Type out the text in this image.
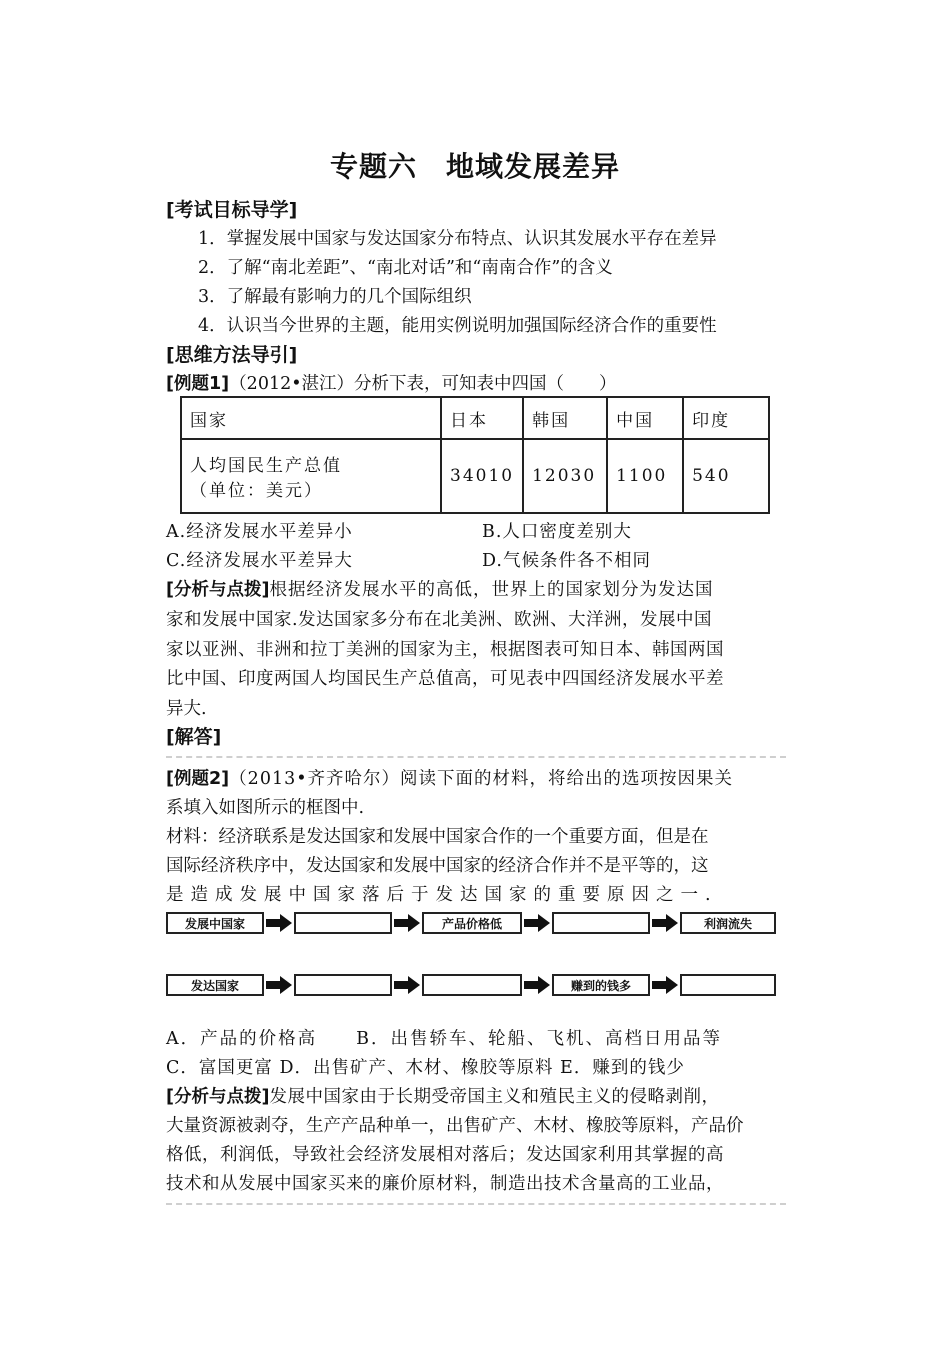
专题六　地域发展差异
[考试目标导学]
1．掌握发展中国家与发达国家分布特点、认识其发展水平存在差异
2．了解“南北差距”、“南北对话”和“南南合作”的含义
3．了解最有影响力的几个国际组织
4．认识当今世界的主题，能用实例说明加强国际经济合作的重要性
[思维方法导引]
[例题1]（2012•湛江）分析下表，可知表中四国（　　）
国家	日本	韩国	中国	印度

人均国民生产总值
（单位：美元）	34010	12030	1100	540
A.经济发展水平差异小	B.人口密度差别大
C.经济发展水平差异大	D.气候条件各不相同
[分析与点拨]根据经济发展水平的高低，世界上的国家划分为发达国
家和发展中国家.发达国家多分布在北美洲、欧洲、大洋洲，发展中国
家以亚洲、非洲和拉丁美洲的国家为主，根据图表可知日本、韩国两国
比中国、印度两国人均国民生产总值高，可见表中四国经济发展水平差
异大.
[解答]
[例题2]（2013•齐齐哈尔）阅读下面的材料，将给出的选项按因果关
系填入如图所示的框图中.
材料：经济联系是发达国家和发展中国家合作的一个重要方面，但是在
国际经济秩序中，发达国家和发展中国家的经济合作并不是平等的，这
是造成发展中国家落后于发达国家的重要原因之一.
发展中国家	产品价格低	利润流失
发达国家	赚到的钱多
A．产品的价格高　　B．出售轿车、轮船、飞机、高档日用品等
C．富国更富 D．出售矿产、木材、橡胶等原料 E．赚到的钱少
[分析与点拨]发展中国家由于长期受帝国主义和殖民主义的侵略剥削，
大量资源被剥夺，生产产品种单一，出售矿产、木材、橡胶等原料，产品价
格低，利润低，导致社会经济发展相对落后；发达国家利用其掌握的高
技术和从发展中国家买来的廉价原材料，制造出技术含量高的工业品，
